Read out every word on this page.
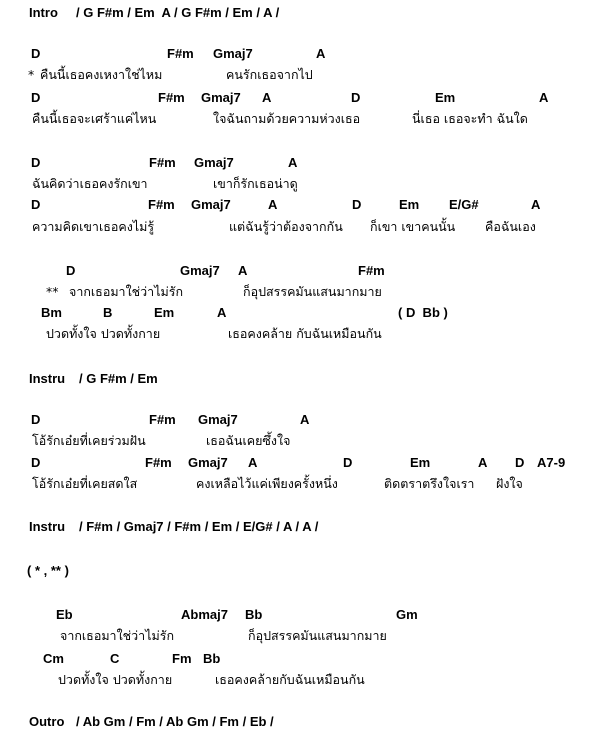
Intro / G F#m / Em  A / G F#m / Em / A /
D	F#m Gmaj7	A
* คืนนี้เธอคงเหงาใช่ไหม	คนรักเธอจากไป
D	F#m Gmaj7 A	D	Em	A
คืนนี้เธอจะเศร้าแค่ไหน	ใจฉันถามด้วยความห่วงเธอ	นี่เธอ เธอจะทำ ฉันใด
D	F#m Gmaj7	A
ฉันคิดว่าเธอคงรักเขา	เขาก็รักเธอน่าดู
D	F#m Gmaj7	A	D	Em E/G#	A
ความคิดเขาเธอคงไม่รู้	แต่ฉันรู้ว่าต้องจากกัน ก็เขา เขาคนนั้น คือฉันเอง
D	Gmaj7 A	F#m
** จากเธอมาใช่ว่าไม่รัก	ก็อุปสรรคมันแสนมากมาย
Bm	B	Em	A	( D  Bb )
ปวดทั้งใจ ปวดทั้งกาย	เธอคงคล้าย กับฉันเหมือนกัน
Instru / G F#m / Em
D	F#m Gmaj7	A
โอ้รักเอ๋ยที่เคยร่วมฝัน	เธอฉันเคยซึ้งใจ
D	F#m Gmaj7 A	D	Em	A D A7-9
โอ้รักเอ๋ยที่เคยสดใส	คงเหลือไว้แค่เพียงครั้งหนึ่ง	ติดตราตรึงใจเรา ฝังใจ
Instru / F#m / Gmaj7 / F#m / Em / E/G# / A / A /
( * , ** )
Eb	Abmaj7 Bb	Gm
จากเธอมาใช่ว่าไม่รัก	ก็อุปสรรคมันแสนมากมาย
Cm	C	Fm Bb
ปวดทั้งใจ ปวดทั้งกาย	เธอคงคล้ายกับฉันเหมือนกัน
Outro / Ab Gm / Fm / Ab Gm / Fm / Eb /
